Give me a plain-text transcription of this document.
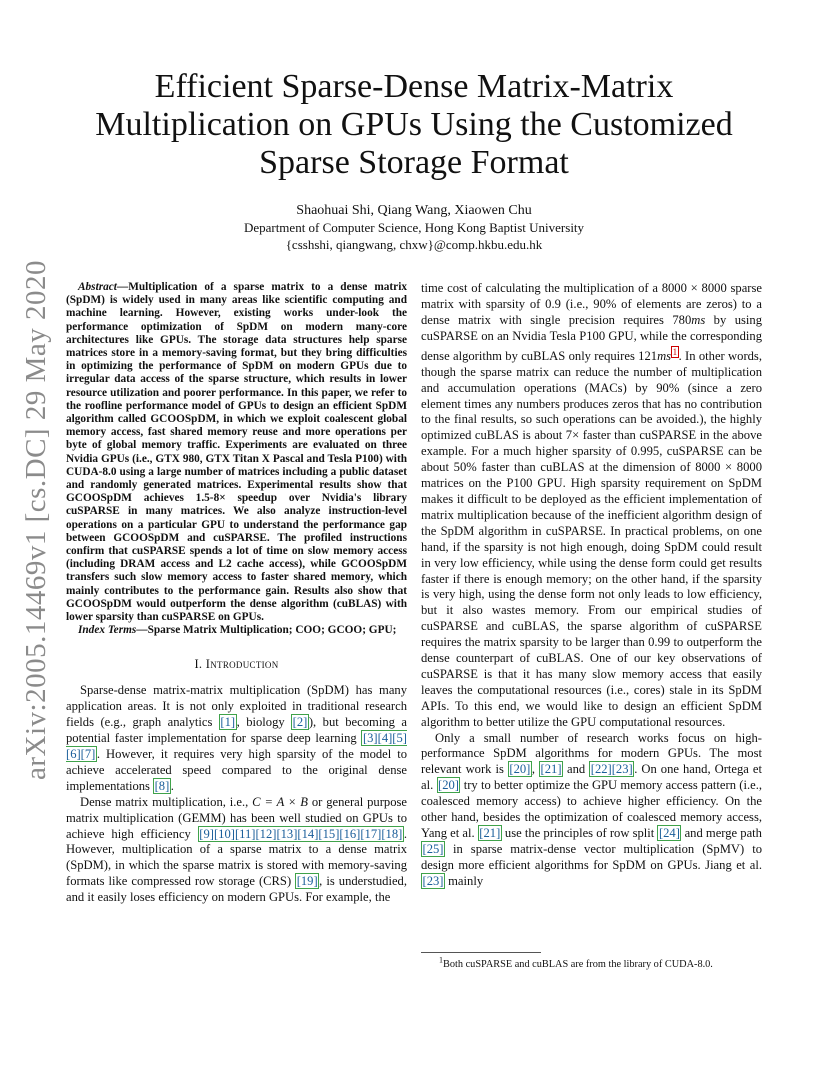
arXiv:2005.14469v1 [cs.DC] 29 May 2020
Efficient Sparse-Dense Matrix-Matrix Multiplication on GPUs Using the Customized Sparse Storage Format
Shaohuai Shi, Qiang Wang, Xiaowen Chu
Department of Computer Science, Hong Kong Baptist University
{csshshi, qiangwang, chxw}@comp.hkbu.edu.hk

Abstract—Multiplication of a sparse matrix to a dense matrix (SpDM) is widely used in many areas like scientific computing and machine learning. However, existing works under-look the performance optimization of SpDM on modern many-core architectures like GPUs. The storage data structures help sparse matrices store in a memory-saving format, but they bring difficulties in optimizing the performance of SpDM on modern GPUs due to irregular data access of the sparse structure, which results in lower resource utilization and poorer performance. In this paper, we refer to the roofline performance model of GPUs to design an efficient SpDM algorithm called GCOOSpDM, in which we exploit coalescent global memory access, fast shared memory reuse and more operations per byte of global memory traffic. Experiments are evaluated on three Nvidia GPUs (i.e., GTX 980, GTX Titan X Pascal and Tesla P100) with CUDA-8.0 using a large number of matrices including a public dataset and randomly generated matrices. Experimental results show that GCOOSpDM achieves 1.5-8× speedup over Nvidia's library cuSPARSE in many matrices. We also analyze instruction-level operations on a particular GPU to understand the performance gap between GCOOSpDM and cuSPARSE. The profiled instructions confirm that cuSPARSE spends a lot of time on slow memory access (including DRAM access and L2 cache access), while GCOOSpDM transfers such slow memory access to faster shared memory, which mainly contributes to the performance gain. Results also show that GCOOSpDM would outperform the dense algorithm (cuBLAS) with lower sparsity than cuSPARSE on GPUs.

Index Terms—Sparse Matrix Multiplication; COO; GCOO; GPU;

I. Introduction

Sparse-dense matrix-matrix multiplication (SpDM) has many application areas. It is not only exploited in traditional research fields (e.g., graph analytics [1] , biology [2] ), but becoming a potential faster implementation for sparse deep learning [3][4][5][6][7] . However, it requires very high sparsity of the model to achieve accelerated speed compared to the original dense implementations [8] .

Dense matrix multiplication, i.e., C = A × B or general purpose matrix multiplication (GEMM) has been well studied on GPUs to achieve high efficiency [9][10][11][12][13][14][15][16][17][18] . However, multiplication of a sparse matrix to a dense matrix (SpDM), in which the sparse matrix is stored with memory-saving formats like compressed row storage (CRS) [19] , is understudied, and it easily loses efficiency on modern GPUs. For example, the

time cost of calculating the multiplication of a 8000 × 8000 sparse matrix with sparsity of 0.9 (i.e., 90% of elements are zeros) to a dense matrix with single precision requires 780ms by using cuSPARSE on an Nvidia Tesla P100 GPU, while the corresponding dense algorithm by cuBLAS only requires 121ms $^1$ . In other words, though the sparse matrix can reduce the number of multiplication and accumulation operations (MACs) by 90% (since a zero element times any numbers produces zeros that has no contribution to the final results, so such operations can be avoided.), the highly optimized cuBLAS is about 7× faster than cuSPARSE in the above example. For a much higher sparsity of 0.995, cuSPARSE can be about 50% faster than cuBLAS at the dimension of 8000 × 8000 matrices on the P100 GPU. High sparsity requirement on SpDM makes it difficult to be deployed as the efficient implementation of matrix multiplication because of the inefficient algorithm design of the SpDM algorithm in cuSPARSE. In practical problems, on one hand, if the sparsity is not high enough, doing SpDM could result in very low efficiency, while using the dense form could get results faster if there is enough memory; on the other hand, if the sparsity is very high, using the dense form not only leads to low efficiency, but it also wastes memory. From our empirical studies of cuSPARSE and cuBLAS, the sparse algorithm of cuSPARSE requires the matrix sparsity to be larger than 0.99 to outperform the dense counterpart of cuBLAS. One of our key observations of cuSPARSE is that it has many slow memory access that easily leaves the computational resources (i.e., cores) stale in its SpDM APIs. To this end, we would like to design an efficient SpDM algorithm to better utilize the GPU computational resources.

Only a small number of research works focus on high-performance SpDM algorithms for modern GPUs. The most relevant work is [20] , [21] and [22][23] . On one hand, Ortega et al. [20] try to better optimize the GPU memory access pattern (i.e., coalesced memory access) to achieve higher efficiency. On the other hand, besides the optimization of coalesced memory access, Yang et al. [21] use the principles of row split [24] and merge path [25] in sparse matrix-dense vector multiplication (SpMV) to design more efficient algorithms for SpDM on GPUs. Jiang et al. [23] mainly

$^1$Both cuSPARSE and cuBLAS are from the library of CUDA-8.0.
